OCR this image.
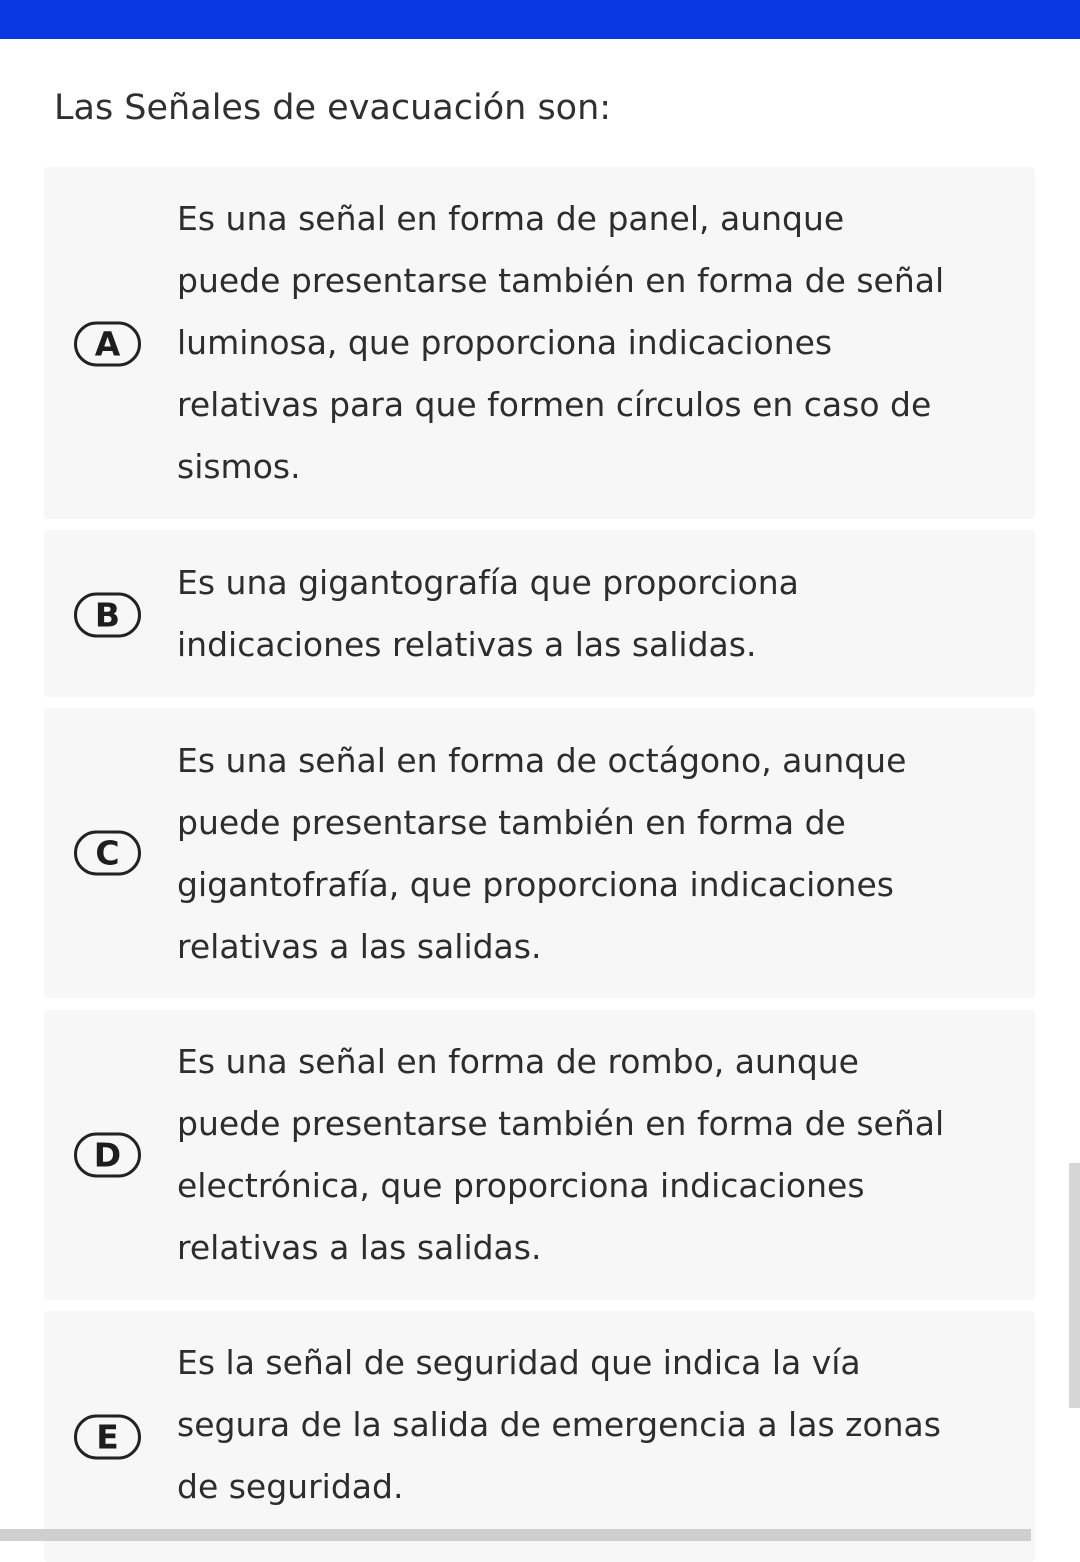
Las Señales de evacuación son:
A
Es una señal en forma de panel, aunque
puede presentarse también en forma de señal
luminosa, que proporciona indicaciones
relativas para que formen círculos en caso de
sismos.
B
Es una gigantografía que proporciona
indicaciones relativas a las salidas.
C
Es una señal en forma de octágono, aunque
puede presentarse también en forma de
gigantofrafía, que proporciona indicaciones
relativas a las salidas.
D
Es una señal en forma de rombo, aunque
puede presentarse también en forma de señal
electrónica, que proporciona indicaciones
relativas a las salidas.
E
Es la señal de seguridad que indica la vía
segura de la salida de emergencia a las zonas
de seguridad.
